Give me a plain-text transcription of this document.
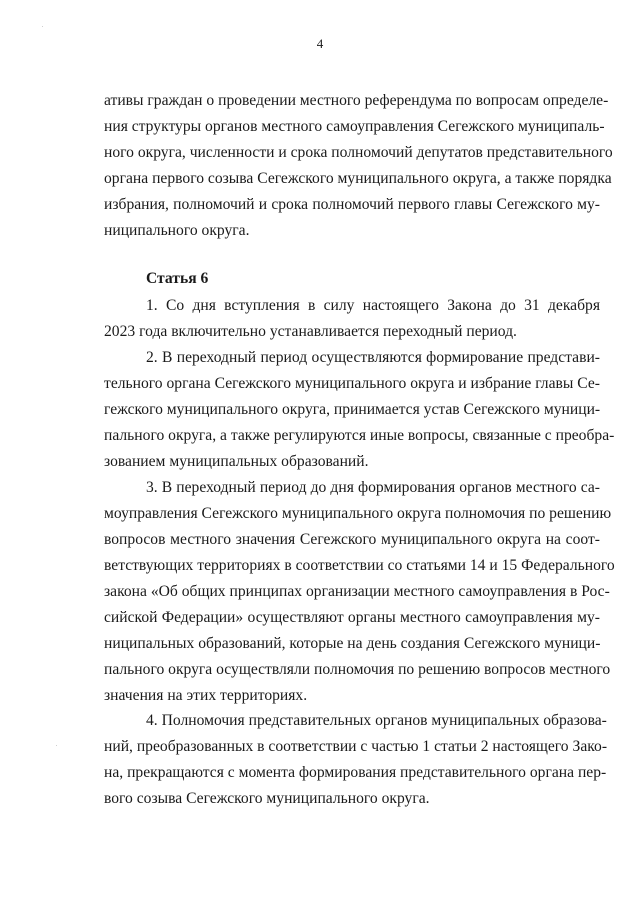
4
ативы граждан о проведении местного референдума по вопросам определе-
ния структуры органов местного самоуправления Сегежского муниципаль-
ного округа, численности и срока полномочий депутатов представительного
органа первого созыва Сегежского муниципального округа, а также порядка
избрания, полномочий и срока полномочий первого главы Сегежского му-
ниципального округа.
Статья 6
1. Со дня вступления в силу настоящего Закона до 31 декабря
2023 года включительно устанавливается переходный период.
2. В переходный период осуществляются формирование представи-
тельного органа Сегежского муниципального округа и избрание главы Се-
гежского муниципального округа, принимается устав Сегежского муници-
пального округа, а также регулируются иные вопросы, связанные с преобра-
зованием муниципальных образований.
3. В переходный период до дня формирования органов местного са-
моуправления Сегежского муниципального округа полномочия по решению
вопросов местного значения Сегежского муниципального округа на соот-
ветствующих территориях в соответствии со статьями 14 и 15 Федерального
закона «Об общих принципах организации местного самоуправления в Рос-
сийской Федерации» осуществляют органы местного самоуправления му-
ниципальных образований, которые на день создания Сегежского муници-
пального округа осуществляли полномочия по решению вопросов местного
значения на этих территориях.
4. Полномочия представительных органов муниципальных образова-
ний, преобразованных в соответствии с частью 1 статьи 2 настоящего Зако-
на, прекращаются с момента формирования представительного органа пер-
вого созыва Сегежского муниципального округа.
